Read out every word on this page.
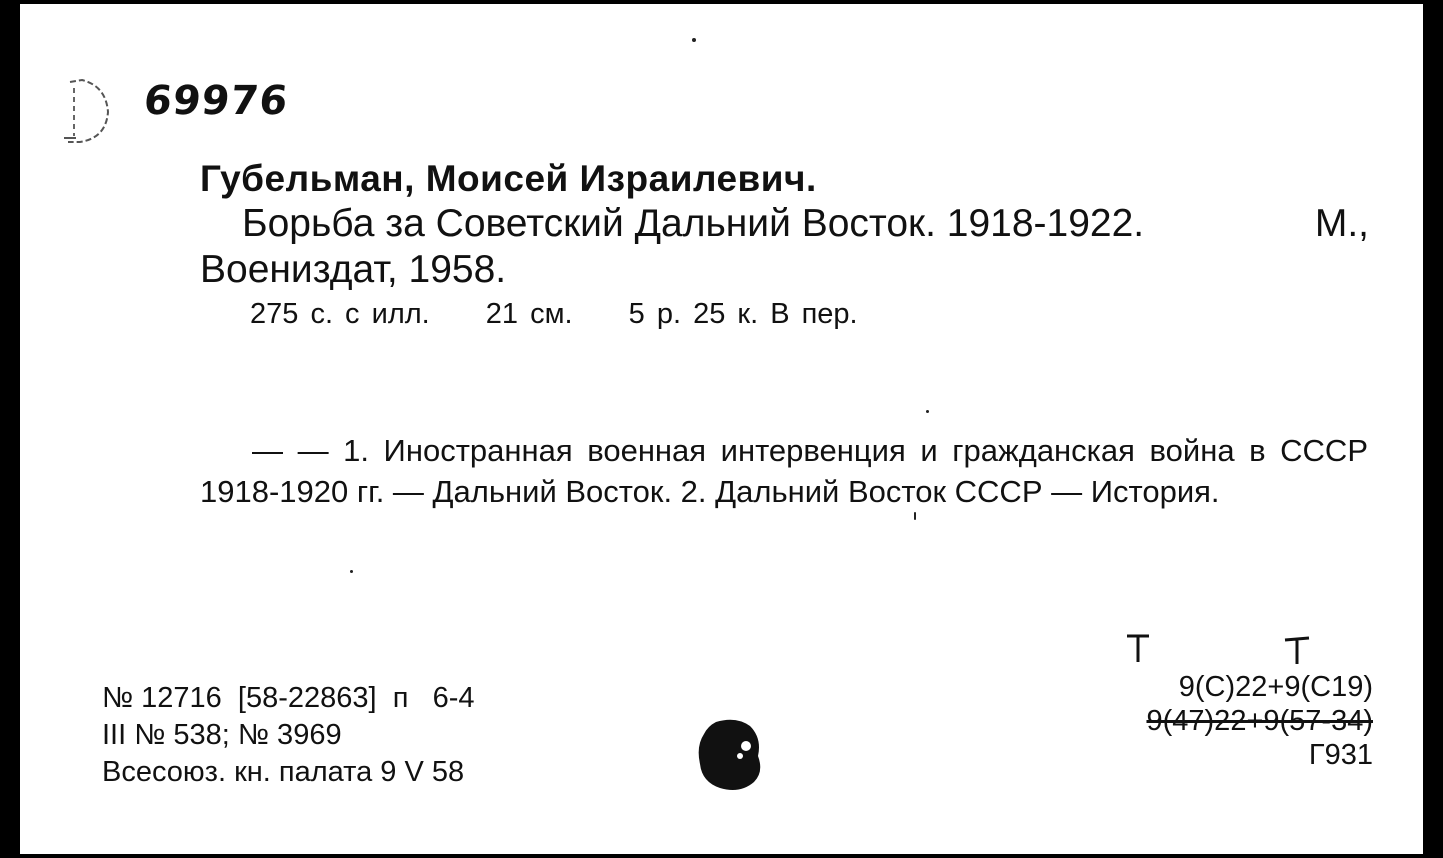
69976
Губельман, Моисей Израилевич.
Борьба за Советский Дальний Восток. 1918-1922.	М.,
Воениздат, 1958.
275 с. с илл. 21 см. 5 р. 25 к. В пер.
— — 1. Иностранная военная интервенция и гражданская война в СССР 1918-1920 гг. — Дальний Восток. 2. Дальний Восток СССР — История.
№ 12716  [58-22863]  п   6-4
III № 538; № 3969
Всесоюз. кн. палата 9 V 58
9(С)22+9(С19)
9(47)22+9(57-34)
Г931
